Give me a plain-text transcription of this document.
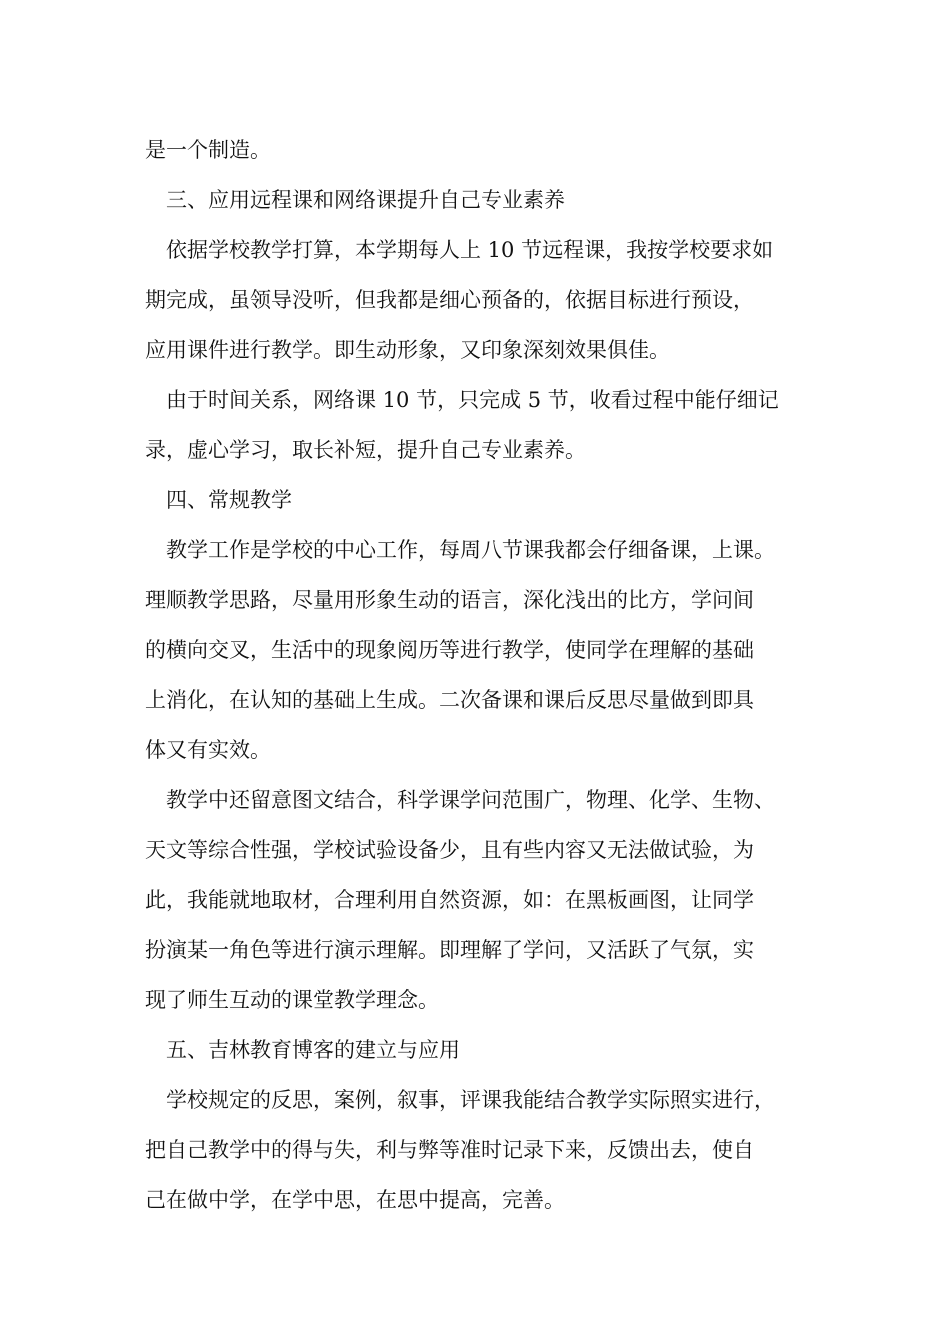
是一个制造。
三、应用远程课和网络课提升自己专业素养
依据学校教学打算，本学期每人上 10 节远程课，我按学校要求如
期完成，虽领导没听，但我都是细心预备的，依据目标进行预设，
应用课件进行教学。即生动形象，又印象深刻效果俱佳。
由于时间关系，网络课 10 节，只完成 5 节，收看过程中能仔细记
录，虚心学习，取长补短，提升自己专业素养。
四、常规教学
教学工作是学校的中心工作，每周八节课我都会仔细备课，上课。
理顺教学思路，尽量用形象生动的语言，深化浅出的比方，学问间
的横向交叉，生活中的现象阅历等进行教学，使同学在理解的基础
上消化，在认知的基础上生成。二次备课和课后反思尽量做到即具
体又有实效。
教学中还留意图文结合，科学课学问范围广，物理、化学、生物、
天文等综合性强，学校试验设备少，且有些内容又无法做试验，为
此，我能就地取材，合理利用自然资源，如：在黑板画图，让同学
扮演某一角色等进行演示理解。即理解了学问，又活跃了气氛，实
现了师生互动的课堂教学理念。
五、吉林教育博客的建立与应用
学校规定的反思，案例，叙事，评课我能结合教学实际照实进行，
把自己教学中的得与失，利与弊等准时记录下来，反馈出去，使自
己在做中学，在学中思，在思中提高，完善。
